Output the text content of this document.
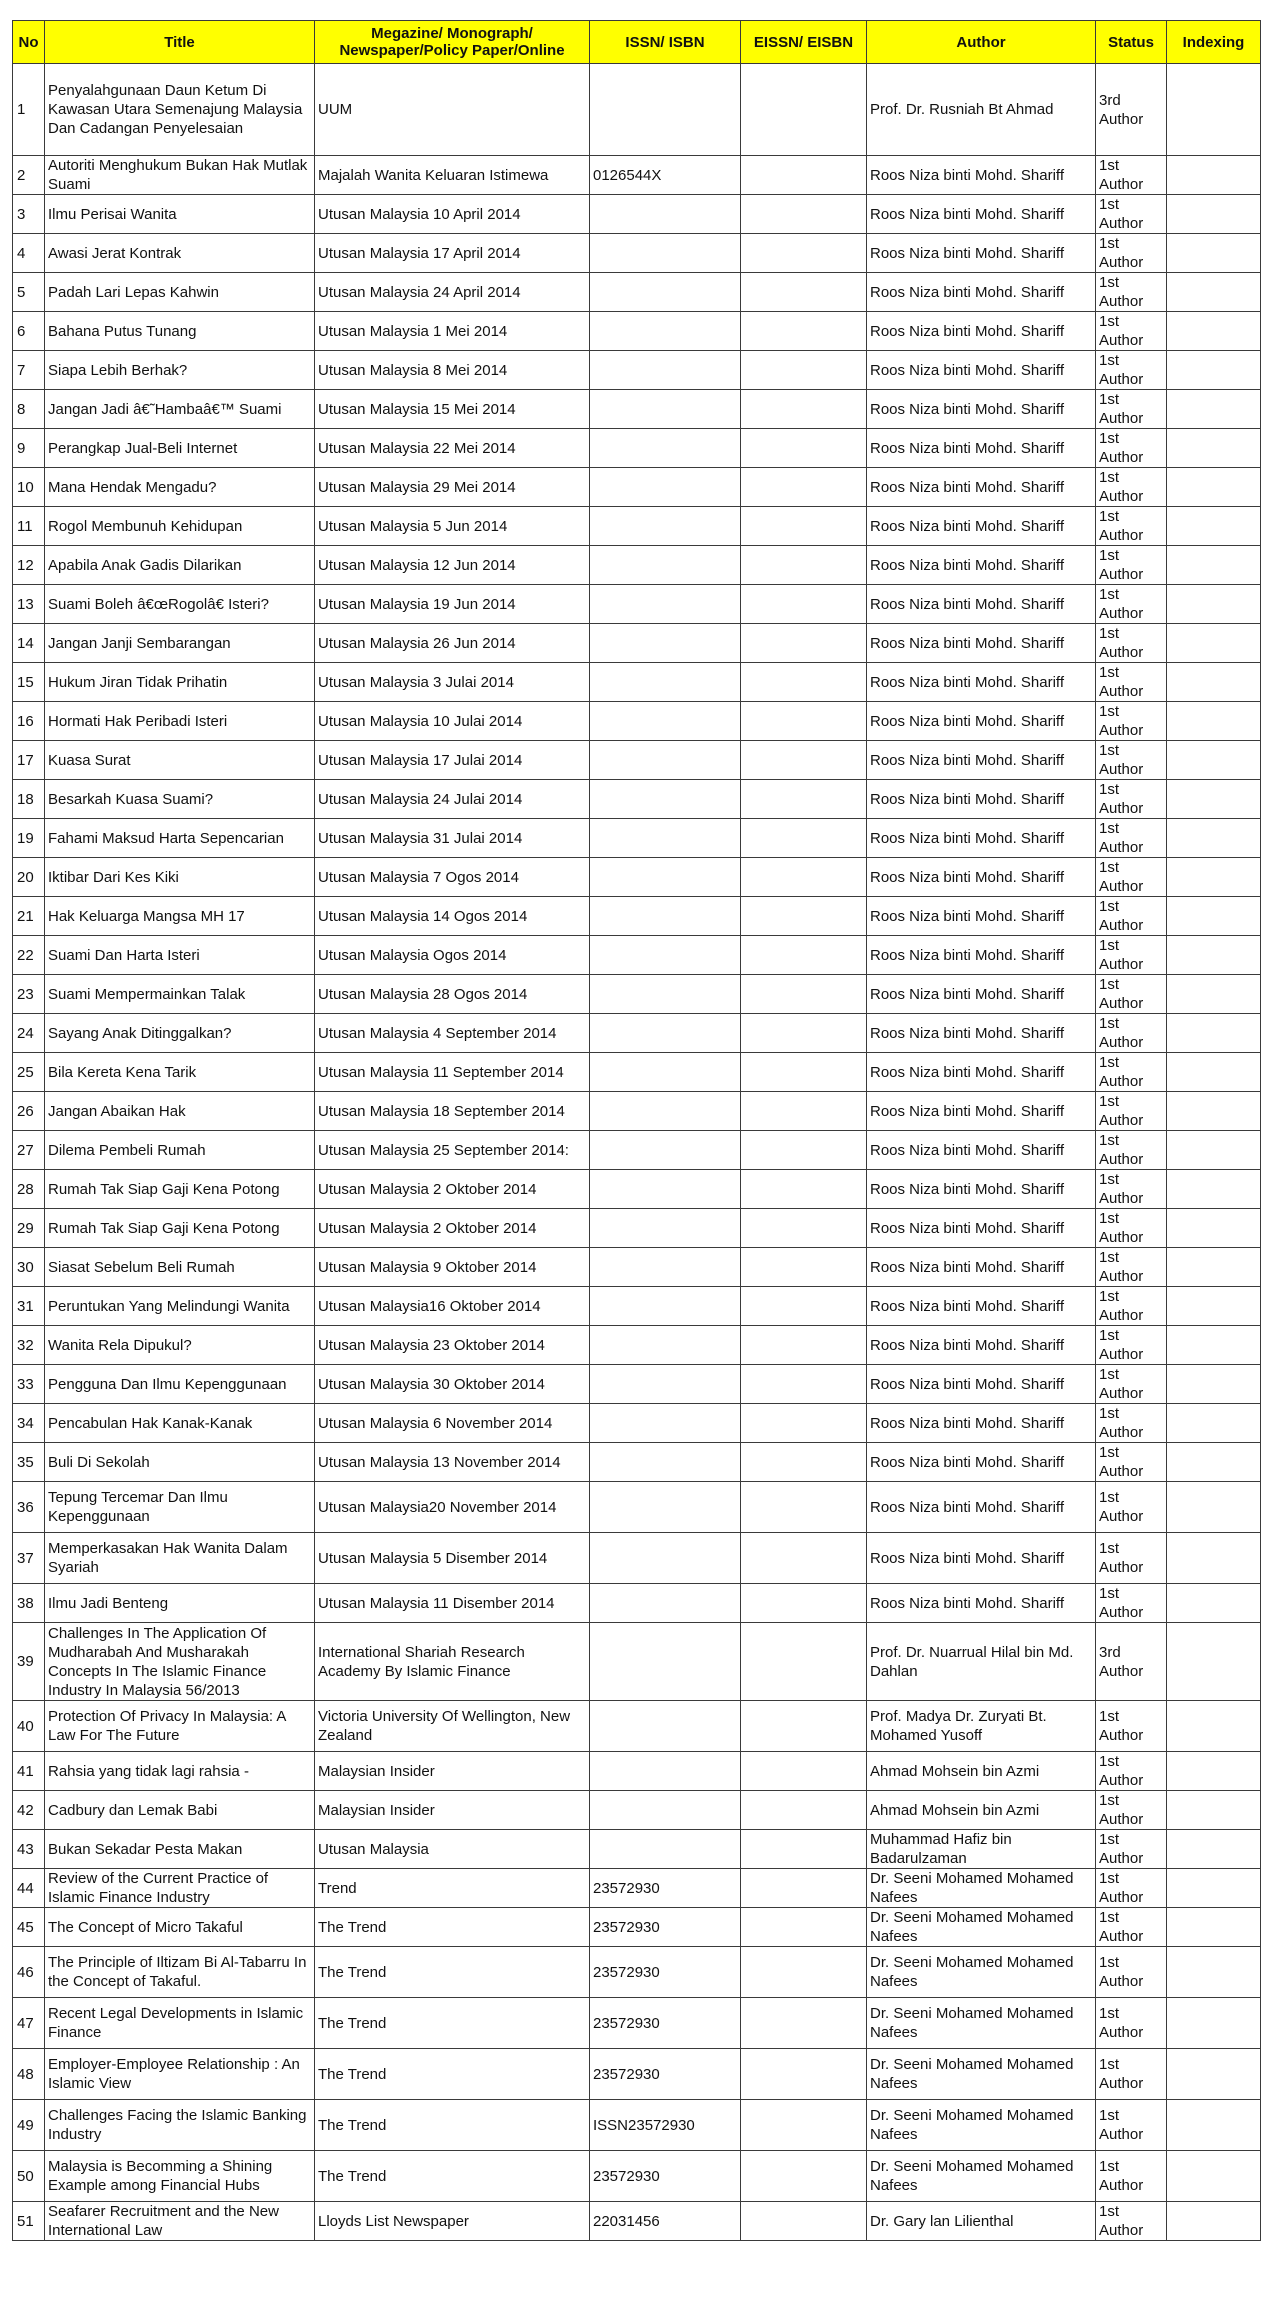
No	Title	Megazine/ Monograph/ Newspaper/Policy Paper/Online	ISSN/ ISBN	EISSN/ EISBN	Author	Status	Indexing
1	Penyalahgunaan Daun Ketum Di Kawasan Utara Semenajung Malaysia Dan Cadangan Penyelesaian	UUM			Prof. Dr. Rusniah Bt Ahmad	3rd Author	
2	Autoriti Menghukum Bukan Hak Mutlak Suami	Majalah Wanita Keluaran Istimewa	0126544X		Roos Niza binti Mohd. Shariff	1st Author	
3	Ilmu Perisai Wanita	Utusan Malaysia 10 April 2014			Roos Niza binti Mohd. Shariff	1st Author	
4	Awasi Jerat Kontrak	Utusan Malaysia 17 April 2014			Roos Niza binti Mohd. Shariff	1st Author	
5	Padah Lari Lepas Kahwin	Utusan Malaysia 24 April 2014			Roos Niza binti Mohd. Shariff	1st Author	
6	Bahana Putus Tunang	Utusan Malaysia 1 Mei 2014			Roos Niza binti Mohd. Shariff	1st Author	
7	Siapa Lebih Berhak?	Utusan Malaysia 8 Mei 2014			Roos Niza binti Mohd. Shariff	1st Author	
8	Jangan Jadi â€˜Hambaâ€™ Suami	Utusan Malaysia 15 Mei 2014			Roos Niza binti Mohd. Shariff	1st Author	
9	Perangkap Jual-Beli Internet	Utusan Malaysia 22 Mei 2014			Roos Niza binti Mohd. Shariff	1st Author	
10	Mana Hendak Mengadu?	Utusan Malaysia 29 Mei 2014			Roos Niza binti Mohd. Shariff	1st Author	
11	Rogol Membunuh Kehidupan	Utusan Malaysia 5 Jun 2014			Roos Niza binti Mohd. Shariff	1st Author	
12	Apabila Anak Gadis Dilarikan	Utusan Malaysia 12 Jun 2014			Roos Niza binti Mohd. Shariff	1st Author	
13	Suami Boleh â€œRogolâ€ Isteri?	Utusan Malaysia 19 Jun 2014			Roos Niza binti Mohd. Shariff	1st Author	
14	Jangan Janji Sembarangan	Utusan Malaysia 26 Jun 2014			Roos Niza binti Mohd. Shariff	1st Author	
15	Hukum Jiran Tidak Prihatin	Utusan Malaysia 3 Julai 2014			Roos Niza binti Mohd. Shariff	1st Author	
16	Hormati Hak Peribadi Isteri	Utusan Malaysia 10 Julai 2014			Roos Niza binti Mohd. Shariff	1st Author	
17	Kuasa Surat	Utusan Malaysia 17 Julai 2014			Roos Niza binti Mohd. Shariff	1st Author	
18	Besarkah Kuasa Suami?	Utusan Malaysia 24 Julai 2014			Roos Niza binti Mohd. Shariff	1st Author	
19	Fahami Maksud Harta Sepencarian	Utusan Malaysia 31 Julai 2014			Roos Niza binti Mohd. Shariff	1st Author	
20	Iktibar Dari Kes Kiki	Utusan Malaysia 7 Ogos 2014			Roos Niza binti Mohd. Shariff	1st Author	
21	Hak Keluarga Mangsa MH 17	Utusan Malaysia 14 Ogos 2014			Roos Niza binti Mohd. Shariff	1st Author	
22	Suami Dan Harta Isteri	Utusan Malaysia Ogos 2014			Roos Niza binti Mohd. Shariff	1st Author	
23	Suami Mempermainkan Talak	Utusan Malaysia 28 Ogos 2014			Roos Niza binti Mohd. Shariff	1st Author	
24	Sayang Anak Ditinggalkan?	Utusan Malaysia 4 September 2014			Roos Niza binti Mohd. Shariff	1st Author	
25	Bila Kereta Kena Tarik	Utusan Malaysia 11 September 2014			Roos Niza binti Mohd. Shariff	1st Author	
26	Jangan Abaikan Hak	Utusan Malaysia 18 September 2014			Roos Niza binti Mohd. Shariff	1st Author	
27	Dilema Pembeli Rumah	Utusan Malaysia 25 September 2014:			Roos Niza binti Mohd. Shariff	1st Author	
28	Rumah Tak Siap Gaji Kena Potong	Utusan Malaysia 2 Oktober 2014			Roos Niza binti Mohd. Shariff	1st Author	
29	Rumah Tak Siap Gaji Kena Potong	Utusan Malaysia 2 Oktober 2014			Roos Niza binti Mohd. Shariff	1st Author	
30	Siasat Sebelum Beli Rumah	Utusan Malaysia 9 Oktober 2014			Roos Niza binti Mohd. Shariff	1st Author	
31	Peruntukan Yang Melindungi Wanita	Utusan Malaysia16 Oktober 2014			Roos Niza binti Mohd. Shariff	1st Author	
32	Wanita Rela Dipukul?	Utusan Malaysia 23 Oktober 2014			Roos Niza binti Mohd. Shariff	1st Author	
33	Pengguna Dan Ilmu Kepenggunaan	Utusan Malaysia 30 Oktober 2014			Roos Niza binti Mohd. Shariff	1st Author	
34	Pencabulan Hak Kanak-Kanak	Utusan Malaysia 6 November 2014			Roos Niza binti Mohd. Shariff	1st Author	
35	Buli Di Sekolah	Utusan Malaysia 13 November 2014			Roos Niza binti Mohd. Shariff	1st Author	
36	Tepung Tercemar Dan Ilmu Kepenggunaan	Utusan Malaysia20 November 2014			Roos Niza binti Mohd. Shariff	1st Author	
37	Memperkasakan Hak Wanita Dalam Syariah	Utusan Malaysia 5 Disember 2014			Roos Niza binti Mohd. Shariff	1st Author	
38	Ilmu Jadi Benteng	Utusan Malaysia 11 Disember 2014			Roos Niza binti Mohd. Shariff	1st Author	
39	Challenges In The Application Of Mudharabah And Musharakah Concepts In The Islamic Finance Industry In Malaysia 56/2013	International Shariah Research Academy By Islamic Finance			Prof. Dr. Nuarrual Hilal bin Md. Dahlan	3rd Author	
40	Protection Of Privacy In Malaysia: A Law For The Future	Victoria University Of Wellington, New Zealand			Prof. Madya Dr. Zuryati Bt. Mohamed Yusoff	1st Author	
41	Rahsia yang tidak lagi rahsia -	Malaysian Insider			Ahmad Mohsein bin Azmi	1st Author	
42	Cadbury dan Lemak Babi	Malaysian Insider			Ahmad Mohsein bin Azmi	1st Author	
43	Bukan Sekadar Pesta Makan	Utusan Malaysia			Muhammad Hafiz bin Badarulzaman	1st Author	
44	Review of the Current Practice of Islamic Finance Industry	Trend	23572930		Dr. Seeni Mohamed Mohamed Nafees	1st Author	
45	The Concept of Micro Takaful	The Trend	23572930		Dr. Seeni Mohamed Mohamed Nafees	1st Author	
46	The Principle of Iltizam Bi Al-Tabarru In the Concept of Takaful.	The Trend	23572930		Dr. Seeni Mohamed Mohamed Nafees	1st Author	
47	Recent Legal Developments in Islamic Finance	The Trend	23572930		Dr. Seeni Mohamed Mohamed Nafees	1st Author	
48	Employer-Employee Relationship : An Islamic View	The Trend	23572930		Dr. Seeni Mohamed Mohamed Nafees	1st Author	
49	Challenges Facing the Islamic Banking Industry	The Trend	ISSN23572930		Dr. Seeni Mohamed Mohamed Nafees	1st Author	
50	Malaysia is Becomming a Shining Example among Financial Hubs	The Trend	23572930		Dr. Seeni Mohamed Mohamed Nafees	1st Author	
51	Seafarer Recruitment and the New International Law	Lloyds List Newspaper	22031456		Dr. Gary lan Lilienthal	1st Author	
